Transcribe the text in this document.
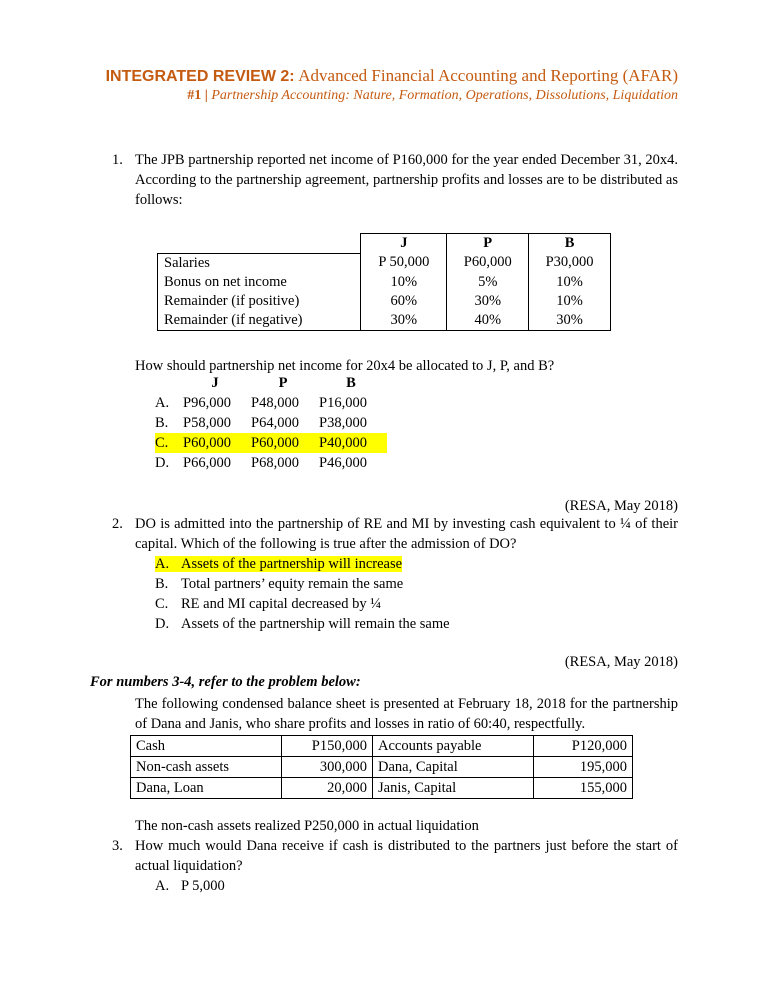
INTEGRATED REVIEW 2: Advanced Financial Accounting and Reporting (AFAR)
#1 | Partnership Accounting: Nature, Formation, Operations, Dissolutions, Liquidation
1. The JPB partnership reported net income of P160,000 for the year ended December 31, 20x4. According to the partnership agreement, partnership profits and losses are to be distributed as follows:
	J	P	B
Salaries	P 50,000	P60,000	P30,000
Bonus on net income	10%	5%	10%
Remainder (if positive)	60%	30%	10%
Remainder (if negative)	30%	40%	30%
How should partnership net income for 20x4 be allocated to J, P, and B?
	J	P	B
A.	P96,000	P48,000	P16,000
B.	P58,000	P64,000	P38,000
C.	P60,000	P60,000	P40,000
D.	P66,000	P68,000	P46,000
(RESA, May 2018)
2. DO is admitted into the partnership of RE and MI by investing cash equivalent to ¼ of their capital. Which of the following is true after the admission of DO?
A. Assets of the partnership will increase
B. Total partners’ equity remain the same
C. RE and MI capital decreased by ¼
D. Assets of the partnership will remain the same
(RESA, May 2018)
For numbers 3-4, refer to the problem below:
The following condensed balance sheet is presented at February 18, 2018 for the partnership of Dana and Janis, who share profits and losses in ratio of 60:40, respectfully.
Cash	P150,000	Accounts payable	P120,000
Non-cash assets	300,000	Dana, Capital	195,000
Dana, Loan	20,000	Janis, Capital	155,000
The non-cash assets realized P250,000 in actual liquidation
3. How much would Dana receive if cash is distributed to the partners just before the start of actual liquidation?
A. P 5,000
